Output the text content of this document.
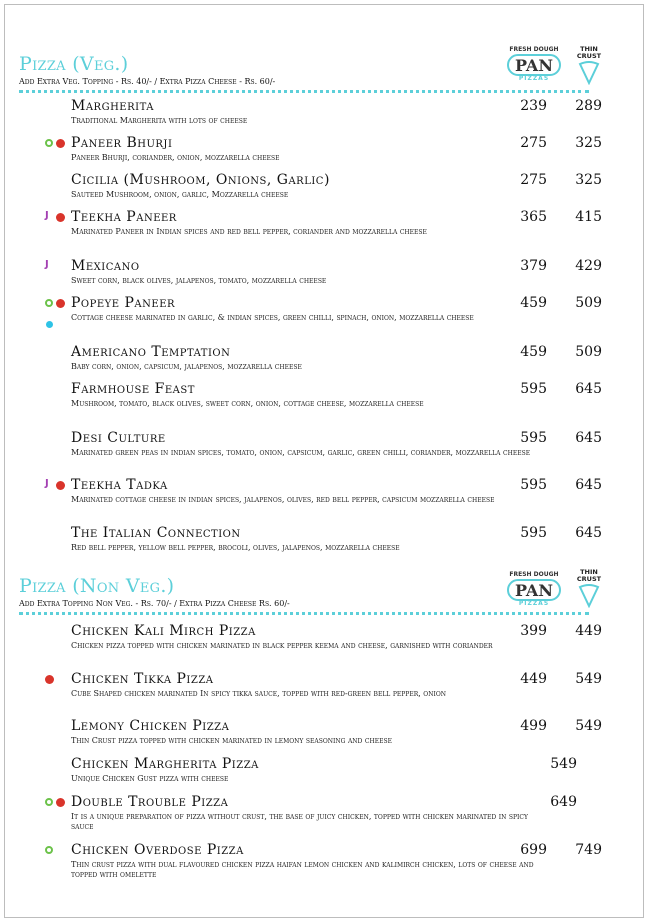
Pizza (Veg.)
Add Extra Veg. Topping - Rs. 40/- / Extra Pizza Cheese - Rs. 60/-
FRESH DOUGH
PAN
PIZZAS
THIN CRUST
Margherita
Traditional Margherita with lots of cheese
239	289
Paneer Bhurji
Paneer Bhurji, coriander, onion, mozzarella cheese
275	325
Cicilia (Mushroom, Onions, Garlic)
Sauteed Mushroom, onion, garlic, Mozzarella cheese
275	325
Teekha Paneer
Marinated Paneer in Indian spices and red bell pepper, coriander and mozzarella cheese
365	415
J
Mexicano
Sweet corn, black olives, jalapenos, tomato, mozzarella cheese
379	429
J
Popeye Paneer
Cottage cheese marinated in garlic, & indian spices, green chilli, spinach, onion, mozzarella cheese
459	509
Americano Temptation
Baby corn, onion, capsicum, jalapenos, mozzarella cheese
459	509
Farmhouse Feast
Mushroom, tomato, black olives, sweet corn, onion, cottage cheese, mozzarella cheese
595	645
Desi Culture
Marinated green peas in indian spices, tomato, onion, capsicum, garlic, green chilli, coriander, mozzarella cheese
595	645
Teekha Tadka
Marinated cottage cheese in indian spices, jalapenos, olives, red bell pepper, capsicum mozzarella cheese
595	645
J
The Italian Connection
Red bell pepper, yellow bell pepper, brocoli, olives, jalapenos, mozzarella cheese
595	645
Pizza (Non Veg.)
Add Extra Topping Non Veg. - Rs. 70/- / Extra Pizza Cheese Rs. 60/-
FRESH DOUGH
PAN
PIZZAS
THIN CRUST
Chicken Kali Mirch Pizza
Chicken pizza topped with chicken marinated in black pepper keema and cheese, garnished with coriander
399	449
Chicken Tikka Pizza
Cube Shaped chicken marinated In spicy tikka sauce, topped with red-green bell pepper, onion
449	549
Lemony Chicken Pizza
Thin Crust pizza topped with chicken marinated in lemony seasoning and cheese
499	549
Chicken Margherita Pizza
Unique Chicken Gust pizza with cheese
549
Double Trouble Pizza
It is a unique preparation of pizza without crust, the base of juicy chicken, topped with chicken marinated in spicy sauce
649
Chicken Overdose Pizza
Thin crust pizza with dual flavoured chicken pizza haifan lemon chicken and kalimirch chicken, lots of cheese and topped with omelette
699	749
